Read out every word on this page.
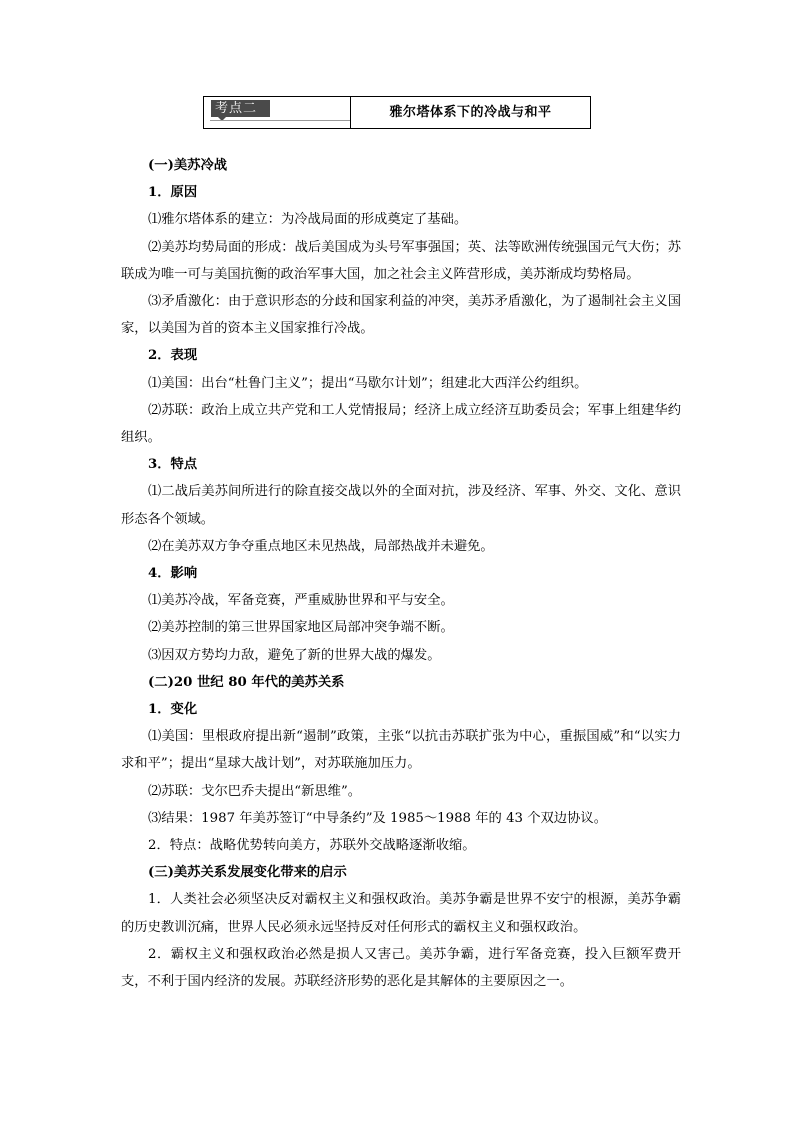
考点二	雅尔塔体系下的冷战与和平

(一)美苏冷战

1．原因

⑴雅尔塔体系的建立：为冷战局面的形成奠定了基础。

⑵美苏均势局面的形成：战后美国成为头号军事强国；英、法等欧洲传统强国元气大伤；苏联成为唯一可与美国抗衡的政治军事大国，加之社会主义阵营形成，美苏渐成均势格局。

⑶矛盾激化：由于意识形态的分歧和国家利益的冲突，美苏矛盾激化，为了遏制社会主义国家，以美国为首的资本主义国家推行冷战。

2．表现

⑴美国：出台“杜鲁门主义”；提出“马歇尔计划”；组建北大西洋公约组织。

⑵苏联：政治上成立共产党和工人党情报局；经济上成立经济互助委员会；军事上组建华约组织。

3．特点

⑴二战后美苏间所进行的除直接交战以外的全面对抗，涉及经济、军事、外交、文化、意识形态各个领域。

⑵在美苏双方争夺重点地区未见热战，局部热战并未避免。

4．影响

⑴美苏冷战，军备竞赛，严重威胁世界和平与安全。

⑵美苏控制的第三世界国家地区局部冲突争端不断。

⑶因双方势均力敌，避免了新的世界大战的爆发。

(二)20 世纪 80 年代的美苏关系

1．变化

⑴美国：里根政府提出新“遏制”政策，主张“以抗击苏联扩张为中心，重振国威”和“以实力求和平”；提出“星球大战计划”，对苏联施加压力。

⑵苏联：戈尔巴乔夫提出“新思维”。

⑶结果：1987 年美苏签订“中导条约”及 1985～1988 年的 43 个双边协议。

2．特点：战略优势转向美方，苏联外交战略逐渐收缩。

(三)美苏关系发展变化带来的启示

1．人类社会必须坚决反对霸权主义和强权政治。美苏争霸是世界不安宁的根源，美苏争霸的历史教训沉痛，世界人民必须永远坚持反对任何形式的霸权主义和强权政治。

2．霸权主义和强权政治必然是损人又害己。美苏争霸，进行军备竞赛，投入巨额军费开支，不利于国内经济的发展。苏联经济形势的恶化是其解体的主要原因之一。
